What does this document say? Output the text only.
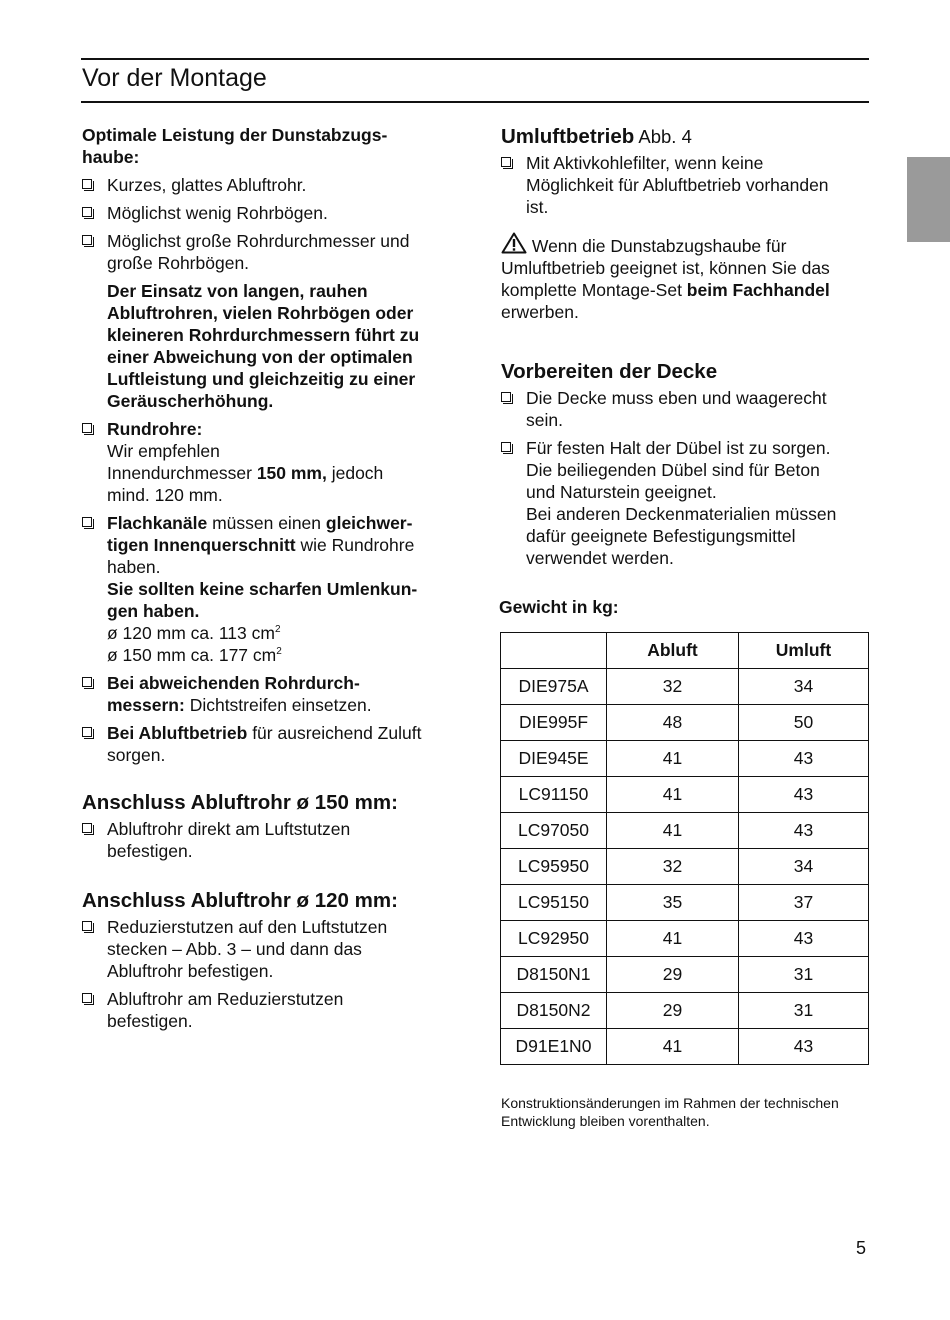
Vor der Montage
Optimale Leistung der Dunstabzugs-
haube:
Kurzes, glattes Abluftrohr.
Möglichst wenig Rohrbögen.
Möglichst große Rohrdurchmesser und
große Rohrbögen.
Der Einsatz von langen, rauhen
Abluftrohren, vielen Rohrbögen oder
kleineren Rohrdurchmessern führt zu
einer Abweichung von der optimalen
Luftleistung und gleichzeitig zu einer
Geräuscherhöhung.
Rundrohre:
Wir empfehlen
Innendurchmesser 150 mm, jedoch
mind. 120 mm.
Flachkanäle müssen einen gleichwer-
tigen Innenquerschnitt wie Rundrohre
haben.
Sie sollten keine scharfen Umlenkun-
gen haben.
ø 120 mm ca. 113 $cm^2$
ø 150 mm ca. 177 $cm^2$
Bei abweichenden Rohrdurch-
messern: Dichtstreifen einsetzen.
Bei Abluftbetrieb für ausreichend Zuluft
sorgen.
Anschluss Abluftrohr ø 150 mm:
Abluftrohr direkt am Luftstutzen
befestigen.
Anschluss Abluftrohr ø 120 mm:
Reduzierstutzen auf den Luftstutzen
stecken – Abb. 3 – und dann das
Abluftrohr befestigen.
Abluftrohr am Reduzierstutzen
befestigen.
Umluftbetrieb Abb. 4
Mit Aktivkohlefilter, wenn keine
Möglichkeit für Abluftbetrieb vorhanden
ist.
Wenn die Dunstabzugshaube für
Umluftbetrieb geeignet ist, können Sie das
komplette Montage-Set beim Fachhandel
erwerben.
Vorbereiten der Decke
Die Decke muss eben und waagerecht
sein.
Für festen Halt der Dübel ist zu sorgen.
Die beiliegenden Dübel sind für Beton
und Naturstein geeignet.
Bei anderen Deckenmaterialien müssen
dafür geeignete Befestigungsmittel
verwendet werden.
Gewicht in kg:
	Abluft	Umluft
DIE975A	32	34
DIE995F	48	50
DIE945E	41	43
LC91150	41	43
LC97050	41	43
LC95950	32	34
LC95150	35	37
LC92950	41	43
D8150N1	29	31
D8150N2	29	31
D91E1N0	41	43
Konstruktionsänderungen im Rahmen der technischen
Entwicklung bleiben vorenthalten.
5
